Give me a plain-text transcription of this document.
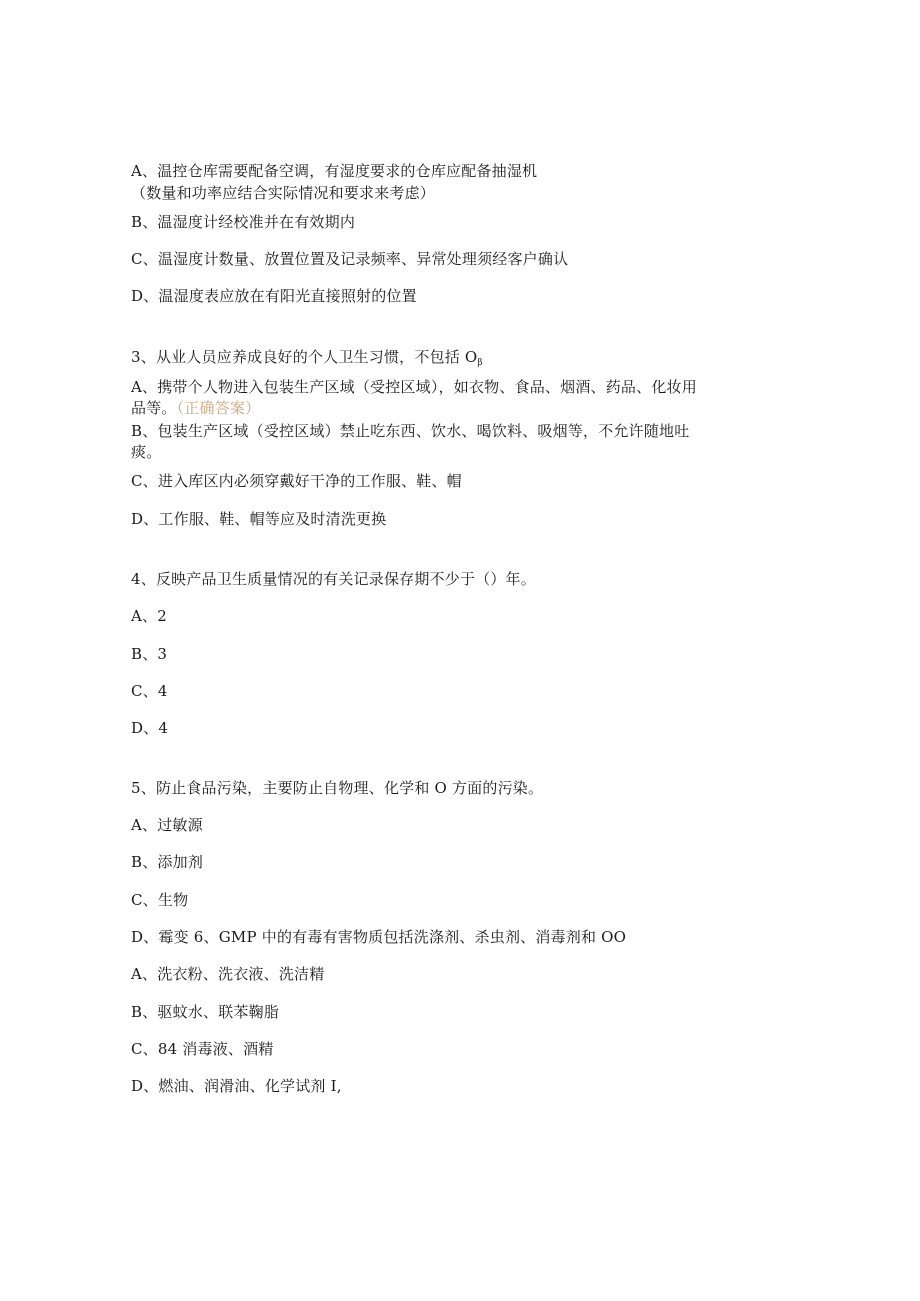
A、温控仓库需要配备空调，有湿度要求的仓库应配备抽湿机
（数量和功率应结合实际情况和要求来考虑）
B、温湿度计经校准并在有效期内
C、温湿度计数量、放置位置及记录频率、异常处理须经客户确认
D、温湿度表应放在有阳光直接照射的位置
3、从业人员应养成良好的个人卫生习惯，不包括 $O_\beta$
A、携带个人物进入包装生产区域（受控区域），如衣物、食品、烟酒、药品、化妆用
品等。（正确答案）
B、包装生产区域（受控区域）禁止吃东西、饮水、喝饮料、吸烟等，不允许随地吐
痰。
C、进入库区内必须穿戴好干净的工作服、鞋、帽
D、工作服、鞋、帽等应及时清洗更换
4、反映产品卫生质量情况的有关记录保存期不少于（）年。
A、2
B、3
C、4
D、4
5、防止食品污染，主要防止自物理、化学和 O 方面的污染。
A、过敏源
B、添加剂
C、生物
D、霉变 6、GMP 中的有毒有害物质包括洗涤剂、杀虫剂、消毒剂和 OO
A、洗衣粉、洗衣液、洗洁精
B、驱蚊水、联苯鞠脂
C、84 消毒液、酒精
D、燃油、润滑油、化学试剂 I,
